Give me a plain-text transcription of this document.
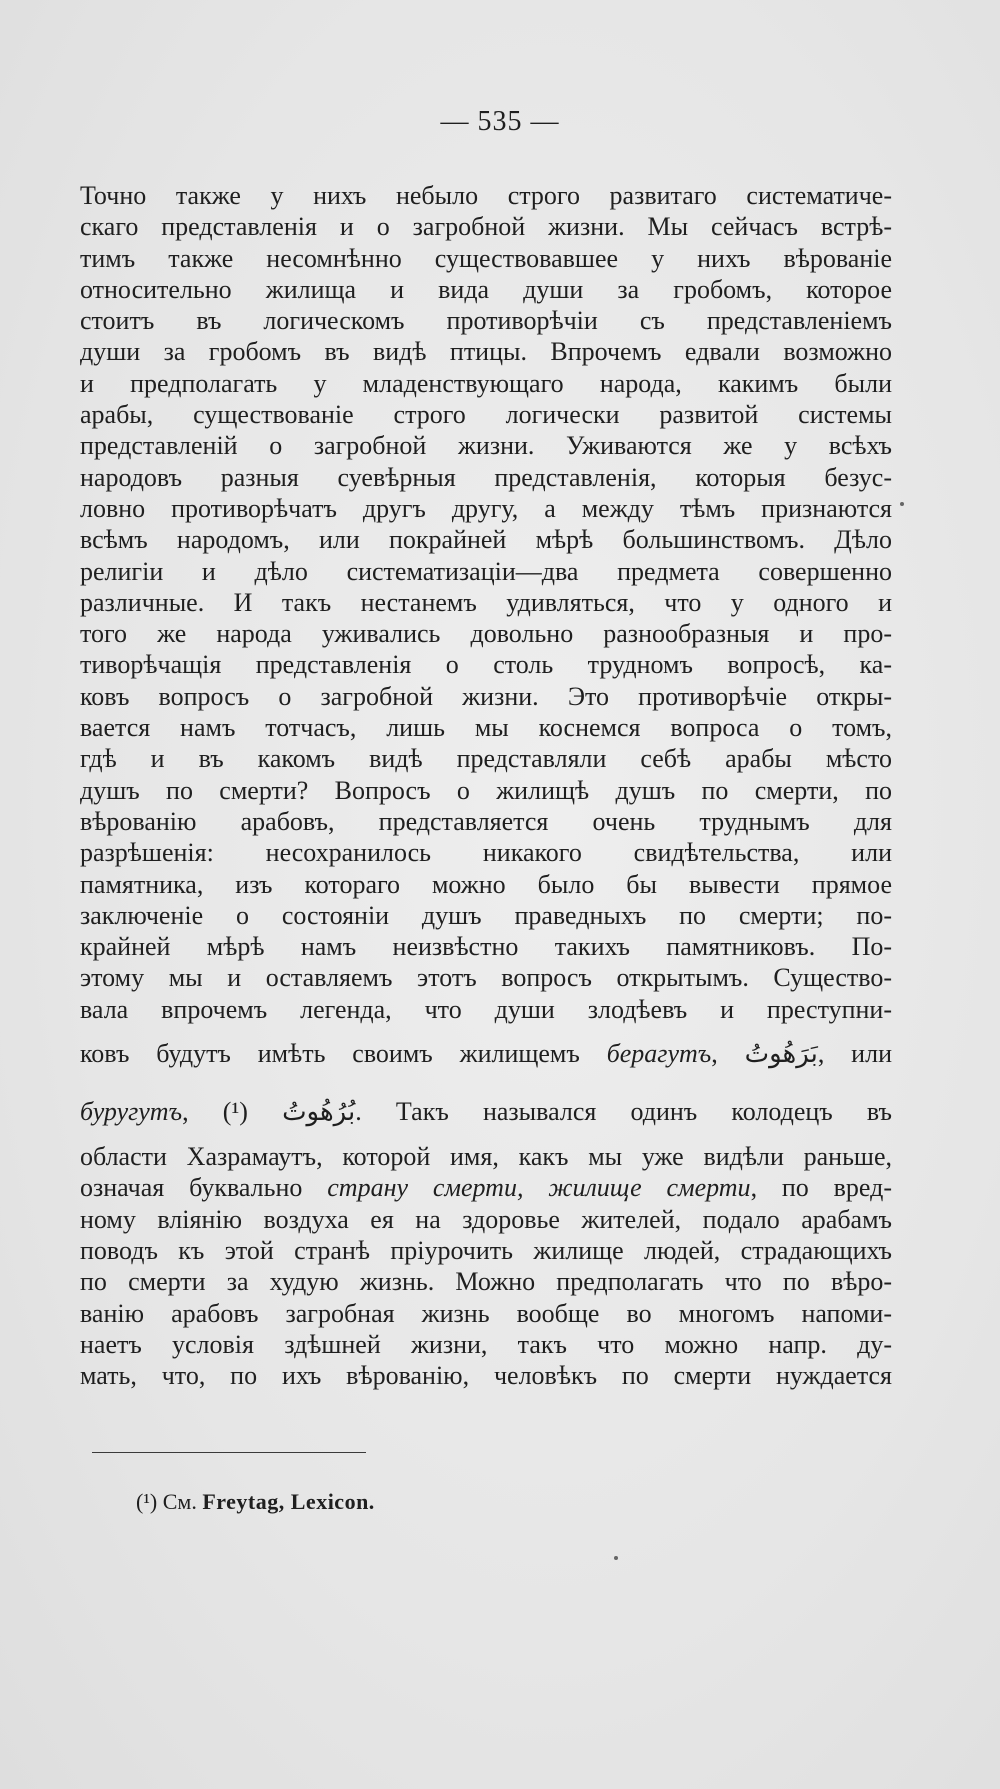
— 535 —
Точно также у нихъ небыло строго развитаго систематиче-
скаго представленія и о загробной жизни. Мы сейчасъ встрѣ-
тимъ также несомнѣнно существовавшее у нихъ вѣрованіе
относительно жилища и вида души за гробомъ, которое
стоитъ въ логическомъ противорѣчіи съ представленіемъ
души за гробомъ въ видѣ птицы. Впрочемъ едвали возможно
и предполагать у младенствующаго народа, какимъ были
арабы, существованіе строго логически развитой системы
представленій о загробной жизни. Уживаются же у всѣхъ
народовъ разныя суевѣрныя представленія, которыя безус-
ловно противорѣчатъ другъ другу, а между тѣмъ признаются
всѣмъ народомъ, или покрайней мѣрѣ большинствомъ. Дѣло
религіи и дѣло систематизаціи—два предмета совершенно
различные. И такъ нестанемъ удивляться, что у одного и
того же народа уживались довольно разнообразныя и про-
тиворѣчащія представленія о столь трудномъ вопросѣ, ка-
ковъ вопросъ о загробной жизни. Это противорѣчіе откры-
вается намъ тотчасъ, лишь мы коснемся вопроса о томъ,
гдѣ и въ какомъ видѣ представляли себѣ арабы мѣсто
душъ по смерти? Вопросъ о жилищѣ душъ по смерти, по
вѣрованію арабовъ, представляется очень труднымъ для
разрѣшенія: несохранилось никакого свидѣтельства, или
памятника, изъ котораго можно было бы вывести прямое
заключеніе о состояніи душъ праведныхъ по смерти; по-
крайней мѣрѣ намъ неизвѣстно такихъ памятниковъ. По-
этому мы и оставляемъ этотъ вопросъ открытымъ. Существо-
вала впрочемъ легенда, что души злодѣевъ и преступни-
ковъ будутъ имѣть своимъ жилищемъ берагутъ, بَرَهُوتُ, или
буругутъ, بُرُهُوتُ (¹). Такъ назывался одинъ колодецъ въ
области Хазрамаутъ, которой имя, какъ мы уже видѣли раньше,
означая буквально страну смерти, жилище смерти, по вред-
ному вліянію воздуха ея на здоровье жителей, подало арабамъ
поводъ къ этой странѣ пріурочить жилище людей, страдающихъ
по смерти за худую жизнь. Можно предполагать что по вѣро-
ванію арабовъ загробная жизнь вообще во многомъ напоми-
наетъ условія здѣшней жизни, такъ что можно напр. ду-
мать, что, по ихъ вѣрованію, человѣкъ по смерти нуждается
(¹) См. Freytag, Lexicon.
